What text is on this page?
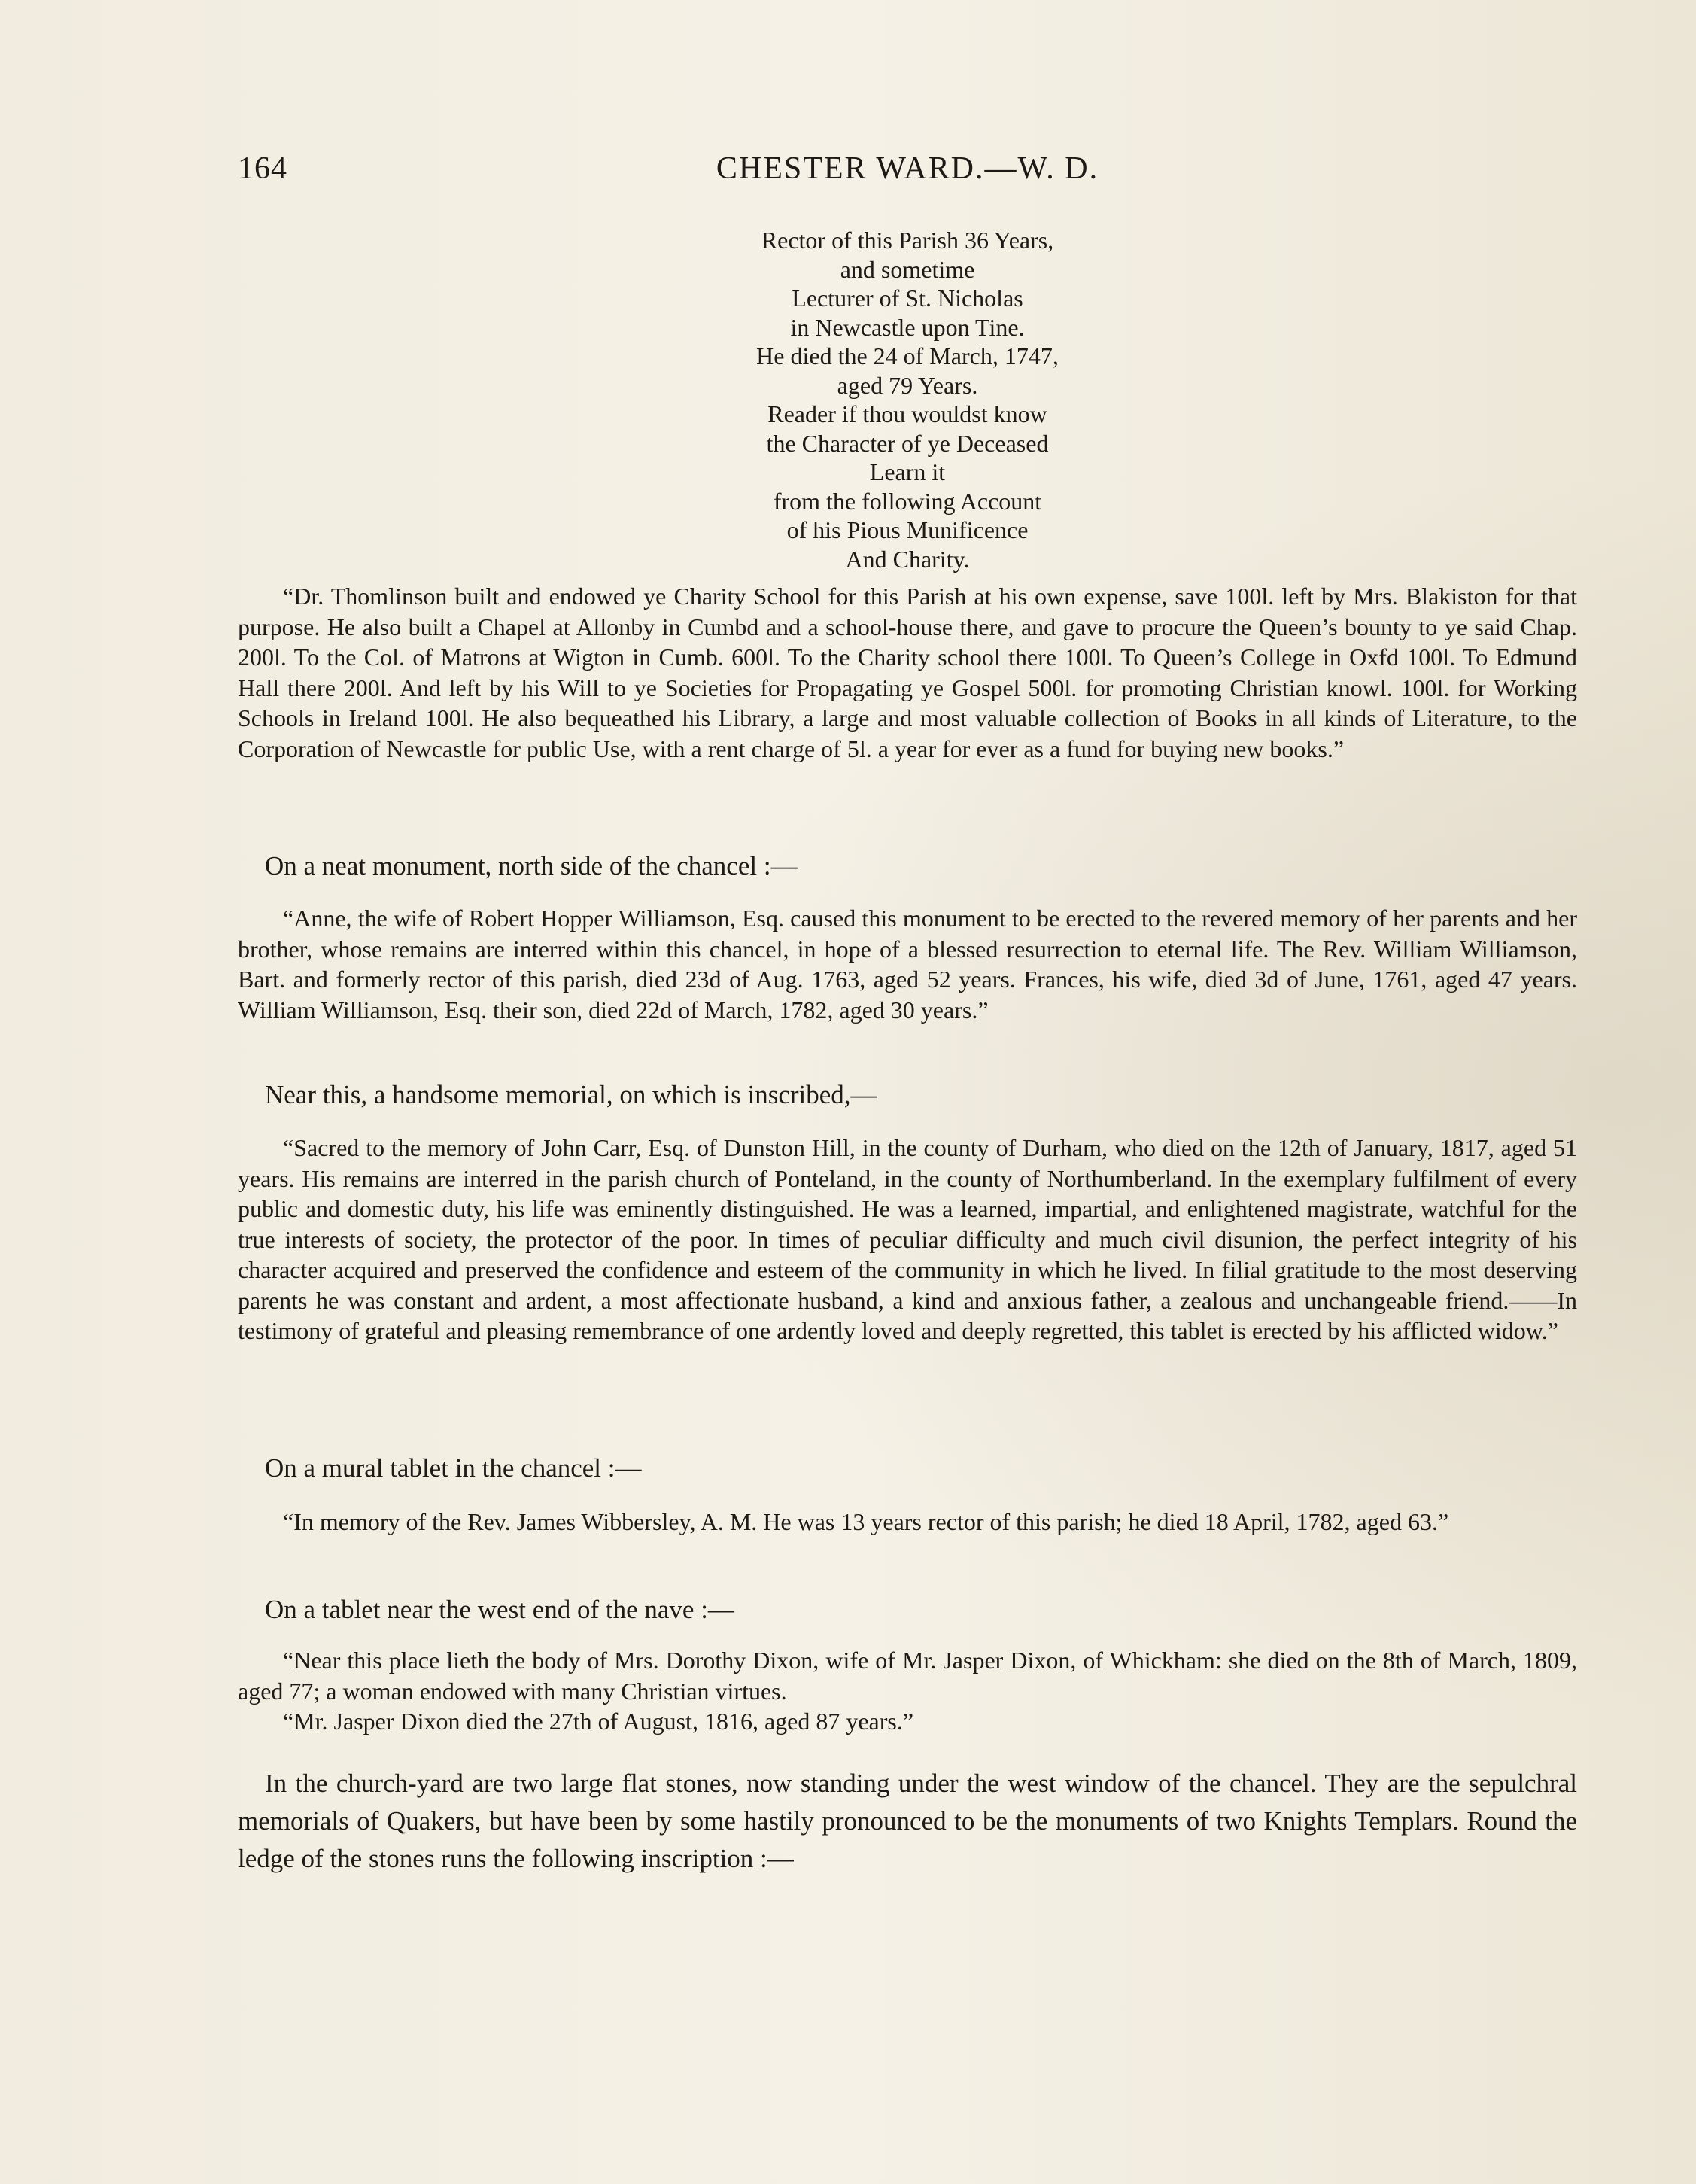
164	CHESTER WARD.—W. D.
Rector of this Parish 36 Years,
and sometime
Lecturer of St. Nicholas
in Newcastle upon Tine.
He died the 24 of March, 1747,
aged 79 Years.
Reader if thou wouldst know
the Character of ye Deceased
Learn it
from the following Account
of his Pious Munificence
And Charity.

“Dr. Thomlinson built and endowed ye Charity School for this Parish at his own expense, save 100l. left by Mrs. Blakiston for that purpose. He also built a Chapel at Allonby in Cumbd and a school-house there, and gave to procure the Queen’s bounty to ye said Chap. 200l. To the Col. of Matrons at Wigton in Cumb. 600l. To the Charity school there 100l. To Queen’s College in Oxfd 100l. To Edmund Hall there 200l. And left by his Will to ye Societies for Propagating ye Gospel 500l. for promoting Christian knowl. 100l. for Working Schools in Ireland 100l. He also bequeathed his Library, a large and most valuable collection of Books in all kinds of Literature, to the Corporation of Newcastle for public Use, with a rent charge of 5l. a year for ever as a fund for buying new books.”

On a neat monument, north side of the chancel :—

“Anne, the wife of Robert Hopper Williamson, Esq. caused this monument to be erected to the revered memory of her parents and her brother, whose remains are interred within this chancel, in hope of a blessed resurrection to eternal life. The Rev. William Williamson, Bart. and formerly rector of this parish, died 23d of Aug. 1763, aged 52 years. Frances, his wife, died 3d of June, 1761, aged 47 years. William Williamson, Esq. their son, died 22d of March, 1782, aged 30 years.”

Near this, a handsome memorial, on which is inscribed,—

“Sacred to the memory of John Carr, Esq. of Dunston Hill, in the county of Durham, who died on the 12th of January, 1817, aged 51 years. His remains are interred in the parish church of Ponteland, in the county of Northumberland. In the exemplary fulfilment of every public and domestic duty, his life was eminently distinguished. He was a learned, impartial, and enlightened magistrate, watchful for the true interests of society, the protector of the poor. In times of peculiar difficulty and much civil disunion, the perfect integrity of his character acquired and preserved the confidence and esteem of the community in which he lived. In filial gratitude to the most deserving parents he was constant and ardent, a most affectionate husband, a kind and anxious father, a zealous and unchangeable friend.——In testimony of grateful and pleasing remembrance of one ardently loved and deeply regretted, this tablet is erected by his afflicted widow.”

On a mural tablet in the chancel :—

“In memory of the Rev. James Wibbersley, A. M. He was 13 years rector of this parish; he died 18 April, 1782, aged 63.”

On a tablet near the west end of the nave :—

“Near this place lieth the body of Mrs. Dorothy Dixon, wife of Mr. Jasper Dixon, of Whickham: she died on the 8th of March, 1809, aged 77; a woman endowed with many Christian virtues.

“Mr. Jasper Dixon died the 27th of August, 1816, aged 87 years.”

In the church-yard are two large flat stones, now standing under the west window of the chancel. They are the sepulchral memorials of Quakers, but have been by some hastily pronounced to be the monuments of two Knights Templars. Round the ledge of the stones runs the following inscription :—
